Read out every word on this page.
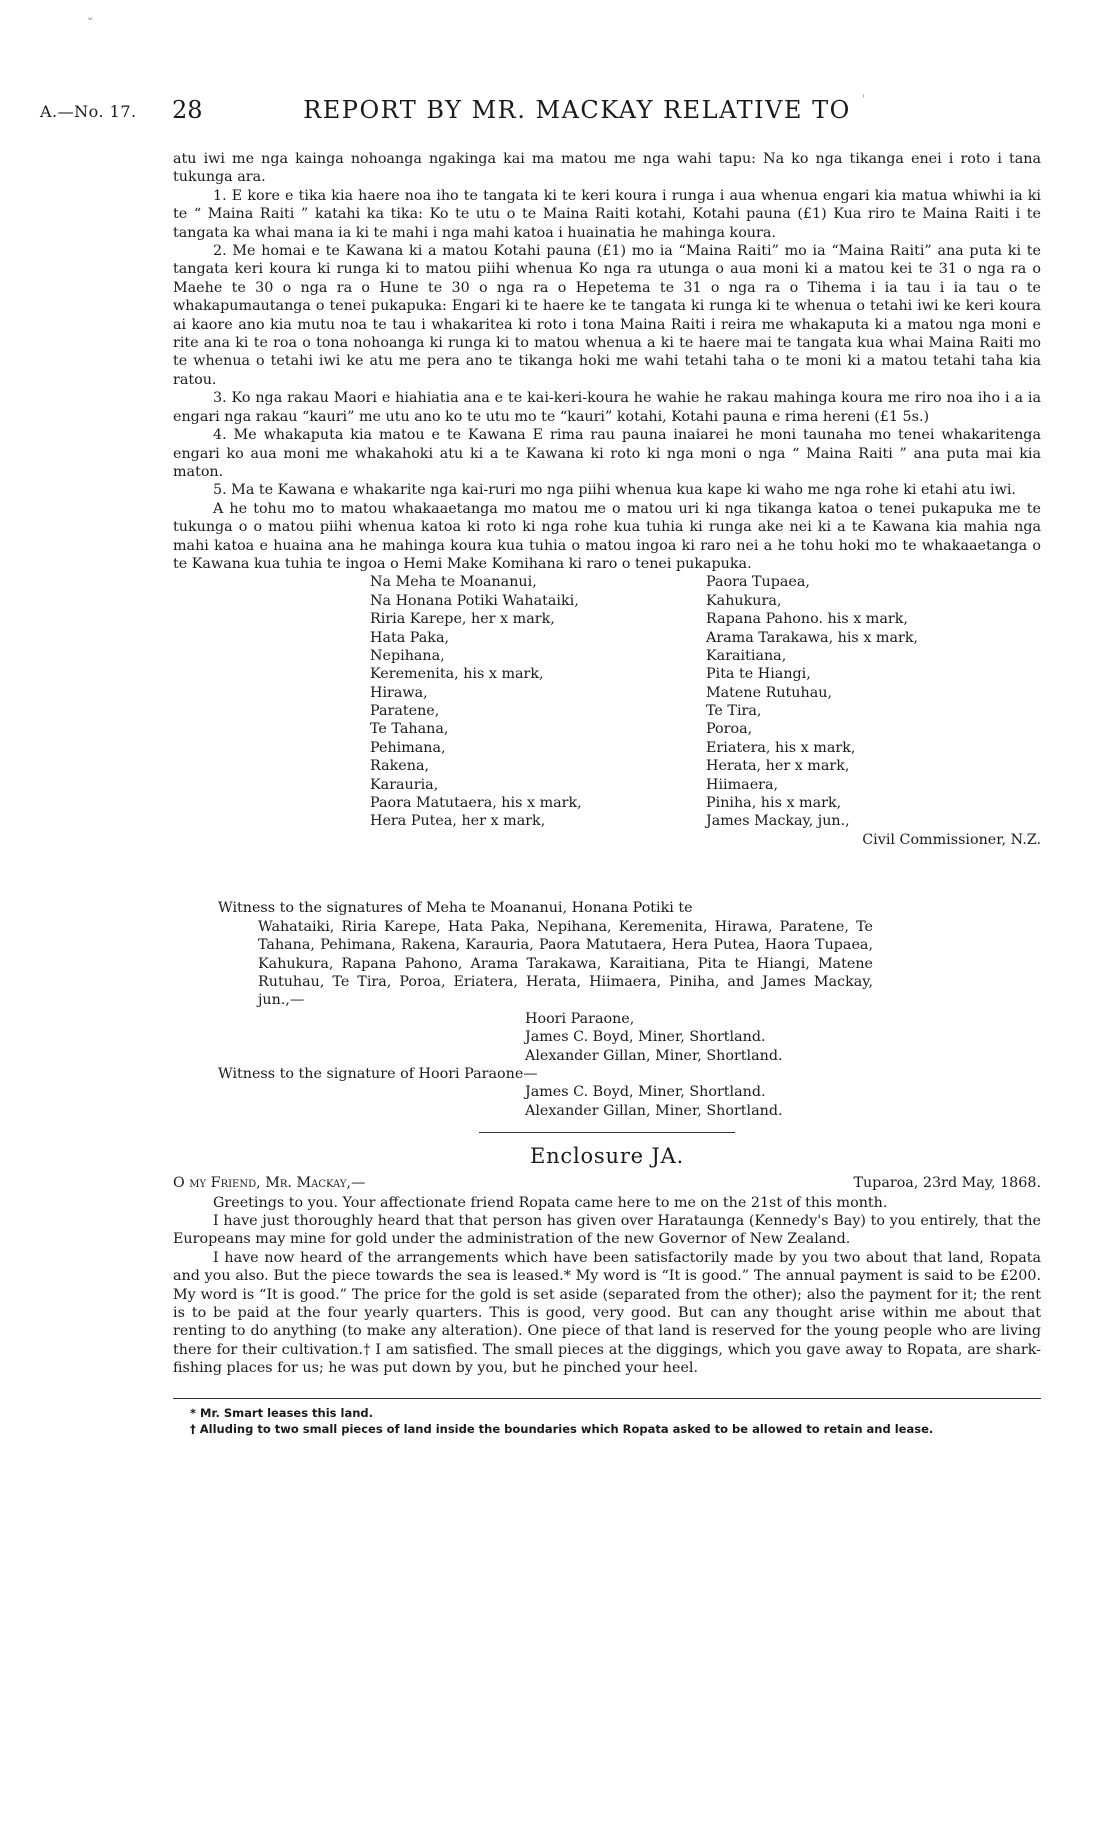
⌄
'
A.—No. 17. 28	REPORT BY MR. MACKAY RELATIVE TO

atu iwi me nga kainga nohoanga ngakinga kai ma matou me nga wahi tapu: Na ko nga tikanga enei i roto i tana tukunga ara.

1. E kore e tika kia haere noa iho te tangata ki te keri koura i runga i aua whenua engari kia matua whiwhi ia ki te “ Maina Raiti ” katahi ka tika: Ko te utu o te Maina Raiti kotahi, Kotahi pauna (£1) Kua riro te Maina Raiti i te tangata ka whai mana ia ki te mahi i nga mahi katoa i huainatia he mahinga koura.

2. Me homai e te Kawana ki a matou Kotahi pauna (£1) mo ia “Maina Raiti” mo ia “Maina Raiti” ana puta ki te tangata keri koura ki runga ki to matou piihi whenua Ko nga ra utunga o aua moni ki a matou kei te 31 o nga ra o Maehe te 30 o nga ra o Hune te 30 o nga ra o Hepetema te 31 o nga ra o Tihema i ia tau i ia tau o te whakapumautanga o tenei pukapuka: Engari ki te haere ke te tangata ki runga ki te whenua o tetahi iwi ke keri koura ai kaore ano kia mutu noa te tau i whakaritea ki roto i tona Maina Raiti i reira me whakaputa ki a matou nga moni e rite ana ki te roa o tona nohoanga ki runga ki to matou whenua a ki te haere mai te tangata kua whai Maina Raiti mo te whenua o tetahi iwi ke atu me pera ano te tikanga hoki me wahi tetahi taha o te moni ki a matou tetahi taha kia ratou.

3. Ko nga rakau Maori e hiahiatia ana e te kai-keri-koura he wahie he rakau mahinga koura me riro noa iho i a ia engari nga rakau “kauri” me utu ano ko te utu mo te “kauri” kotahi, Kotahi pauna e rima hereni (£1 5s.)

4. Me whakaputa kia matou e te Kawana E rima rau pauna inaiarei he moni taunaha mo tenei whakaritenga engari ko aua moni me whakahoki atu ki a te Kawana ki roto ki nga moni o nga “ Maina Raiti ” ana puta mai kia maton.

5. Ma te Kawana e whakarite nga kai-ruri mo nga piihi whenua kua kape ki waho me nga rohe ki etahi atu iwi.

A he tohu mo to matou whakaaetanga mo matou me o matou uri ki nga tikanga katoa o tenei pukapuka me te tukunga o o matou piihi whenua katoa ki roto ki nga rohe kua tuhia ki runga ake nei ki a te Kawana kia mahia nga mahi katoa e huaina ana he mahinga koura kua tuhia o matou ingoa ki raro nei a he tohu hoki mo te whakaaetanga o te Kawana kua tuhia te ingoa o Hemi Make Komihana ki raro o tenei pukapuka.

Na Meha te Moananui,
Na Honana Potiki Wahataiki,
Riria Karepe, her x mark,
Hata Paka,
Nepihana,
Keremenita, his x mark,
Hirawa,
Paratene,
Te Tahana,
Pehimana,
Rakena,
Karauria,
Paora Matutaera, his x mark,
Hera Putea, her x mark,
Paora Tupaea,
Kahukura,
Rapana Pahono. his x mark,
Arama Tarakawa, his x mark,
Karaitiana,
Pita te Hiangi,
Matene Rutuhau,
Te Tira,
Poroa,
Eriatera, his x mark,
Herata, her x mark,
Hiimaera,
Piniha, his x mark,
James Mackay, jun.,
Civil Commissioner, N.Z.
Witness to the signatures of Meha te Moananui, Honana Potiki te
Wahataiki, Riria Karepe, Hata Paka, Nepihana, Keremenita, Hirawa, Paratene, Te Tahana, Pehimana, Rakena, Karauria, Paora Matutaera, Hera Putea, Haora Tupaea, Kahukura, Rapana Pahono, Arama Tarakawa, Karaitiana, Pita te Hiangi, Matene Rutuhau, Te Tira, Poroa, Eriatera, Herata, Hiimaera, Piniha, and James Mackay, jun.,—
Hoori Paraone,
James C. Boyd, Miner, Shortland.
Alexander Gillan, Miner, Shortland.
Witness to the signature of Hoori Paraone—
James C. Boyd, Miner, Shortland.
Alexander Gillan, Miner, Shortland.
Enclosure JA.
O my Friend, Mr. Mackay,—	Tuparoa, 23rd May, 1868.

Greetings to you. Your affectionate friend Ropata came here to me on the 21st of this month.

I have just thoroughly heard that that person has given over Harataunga (Kennedy's Bay) to you entirely, that the Europeans may mine for gold under the administration of the new Governor of New Zealand.

I have now heard of the arrangements which have been satisfactorily made by you two about that land, Ropata and you also. But the piece towards the sea is leased.* My word is “It is good.” The annual payment is said to be £200. My word is “It is good.” The price for the gold is set aside (separated from the other); also the payment for it; the rent is to be paid at the four yearly quarters. This is good, very good. But can any thought arise within me about that renting to do anything (to make any alteration). One piece of that land is reserved for the young people who are living there for their cultivation.† I am satisfied. The small pieces at the diggings, which you gave away to Ropata, are shark-fishing places for us; he was put down by you, but he pinched your heel.

* Mr. Smart leases this land.
† Alluding to two small pieces of land inside the boundaries which Ropata asked to be allowed to retain and lease.
